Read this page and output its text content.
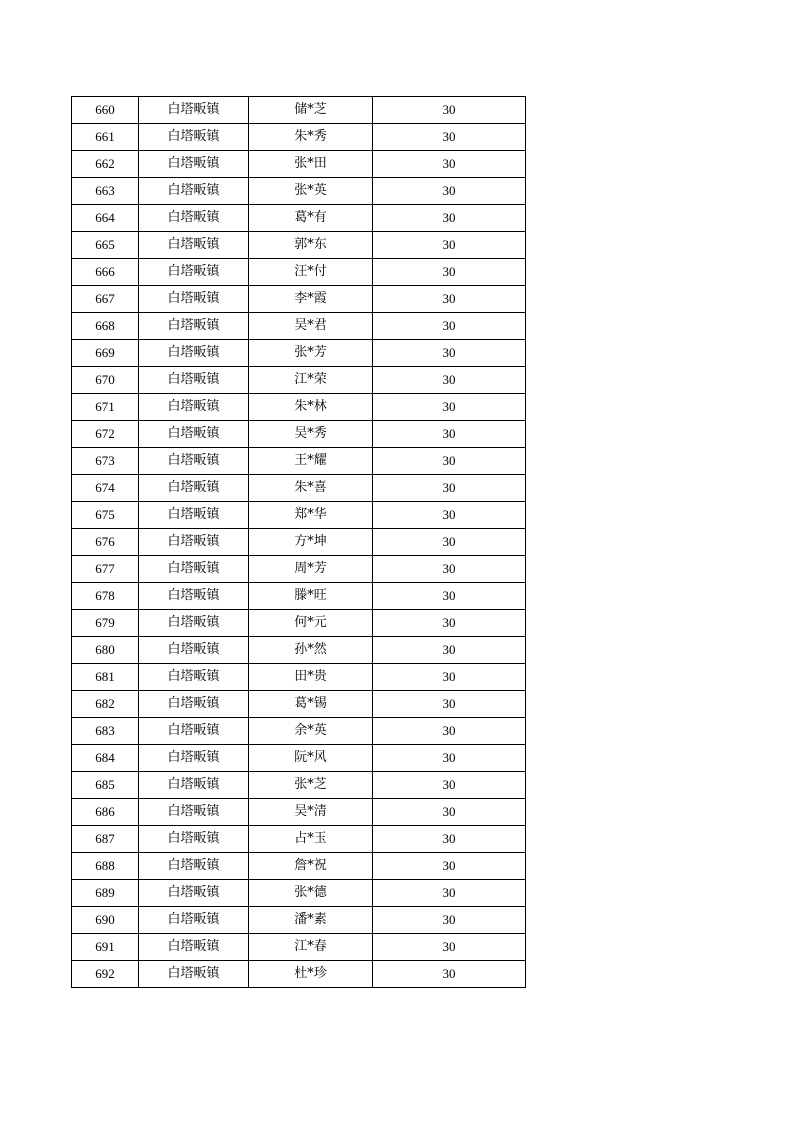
660	白塔畈镇	储*芝	30
661	白塔畈镇	朱*秀	30
662	白塔畈镇	张*田	30
663	白塔畈镇	张*英	30
664	白塔畈镇	葛*有	30
665	白塔畈镇	郭*东	30
666	白塔畈镇	汪*付	30
667	白塔畈镇	李*霞	30
668	白塔畈镇	吴*君	30
669	白塔畈镇	张*芳	30
670	白塔畈镇	江*荣	30
671	白塔畈镇	朱*林	30
672	白塔畈镇	吴*秀	30
673	白塔畈镇	王*耀	30
674	白塔畈镇	朱*喜	30
675	白塔畈镇	郑*华	30
676	白塔畈镇	方*坤	30
677	白塔畈镇	周*芳	30
678	白塔畈镇	滕*旺	30
679	白塔畈镇	何*元	30
680	白塔畈镇	孙*然	30
681	白塔畈镇	田*贵	30
682	白塔畈镇	葛*锡	30
683	白塔畈镇	余*英	30
684	白塔畈镇	阮*风	30
685	白塔畈镇	张*芝	30
686	白塔畈镇	吴*清	30
687	白塔畈镇	占*玉	30
688	白塔畈镇	詹*祝	30
689	白塔畈镇	张*德	30
690	白塔畈镇	潘*素	30
691	白塔畈镇	江*春	30
692	白塔畈镇	杜*珍	30
